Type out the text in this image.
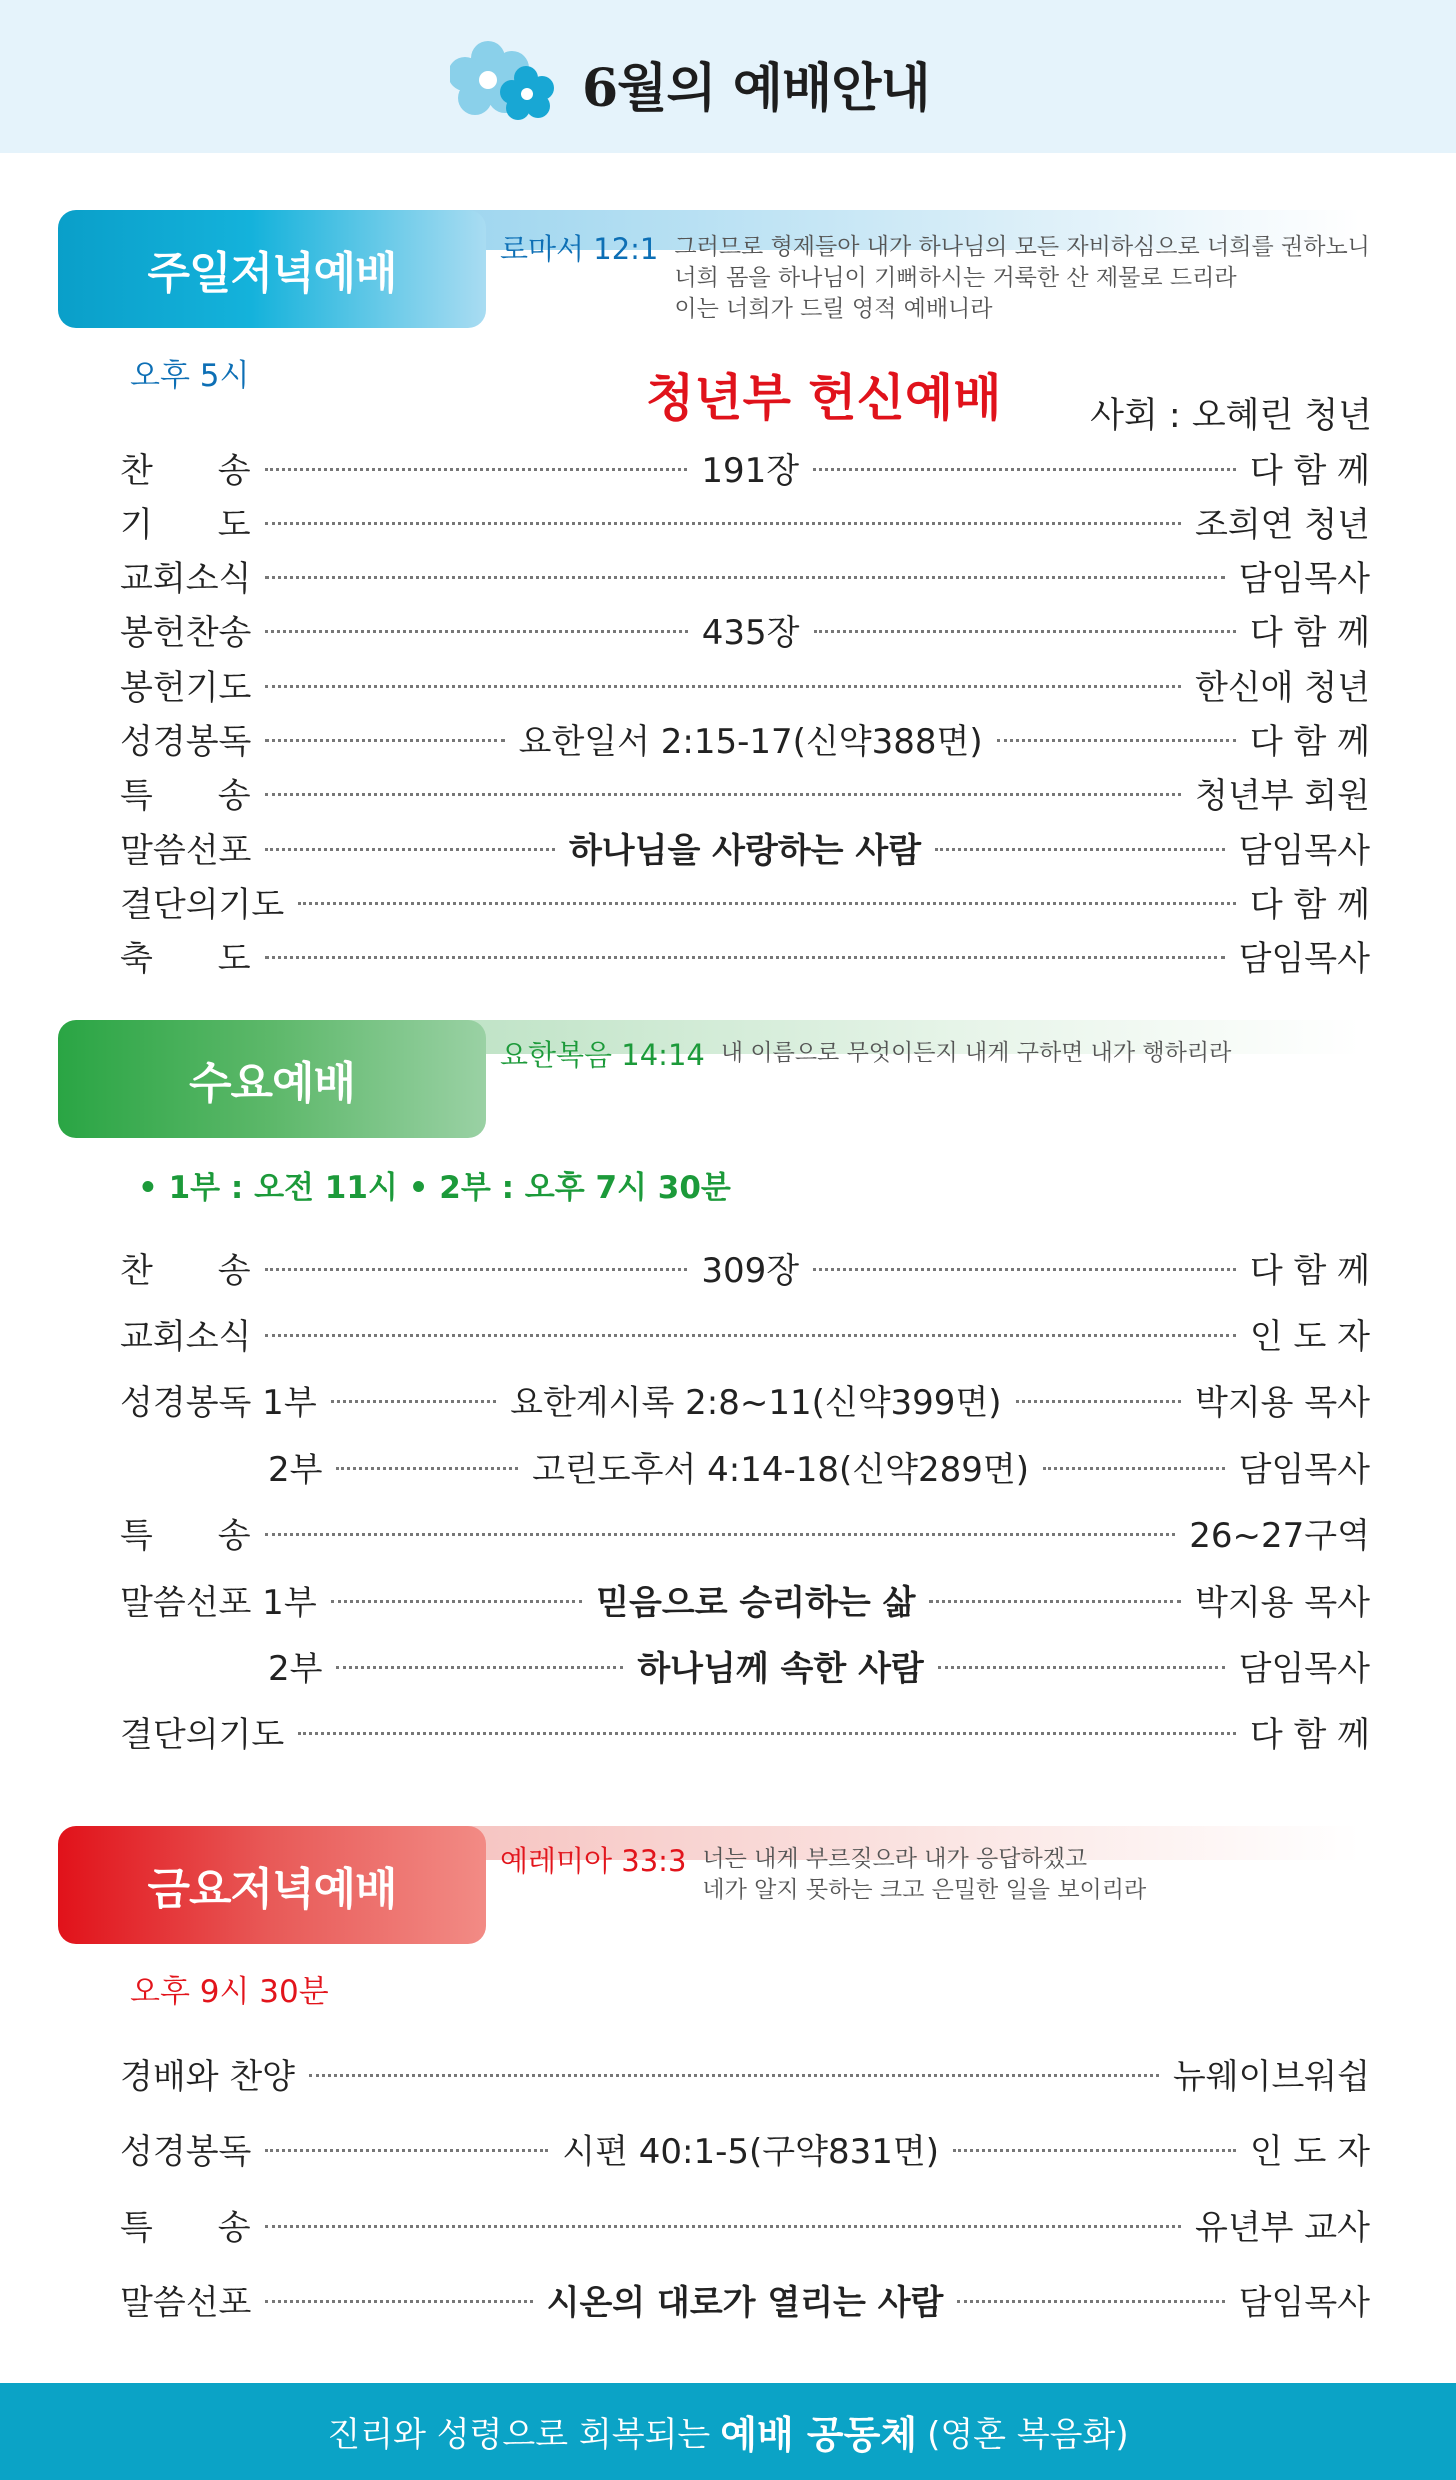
6월의 예배안내
주일저녁예배	로마서 12:1 그러므로 형제들아 내가 하나님의 모든 자비하심으로 너희를 권하노니
너희 몸을 하나님이 기뻐하시는 거룩한 산 제물로 드리라
이는 너희가 드릴 영적 예배니라
오후 5시	청년부 헌신예배	사회 : 오혜린 청년
찬      송	191장	다 함 께
기      도	조희연 청년
교회소식	담임목사
봉헌찬송	435장	다 함 께
봉헌기도	한신애 청년
성경봉독	요한일서 2:15-17(신약388면)	다 함 께
특      송	청년부 회원
말씀선포	하나님을 사랑하는 사람	담임목사
결단의기도	다 함 께
축      도	담임목사
수요예배
요한복음 14:14 내 이름으로 무엇이든지 내게 구하면 내가 행하리라
• 1부 : 오전 11시 • 2부 : 오후 7시 30분
찬      송	309장	다 함 께
교회소식	인 도 자
성경봉독 1부	요한계시록 2:8~11(신약399면)	박지용 목사
2부	고린도후서 4:14-18(신약289면)	담임목사
특      송	26~27구역
말씀선포 1부	믿음으로 승리하는 삶	박지용 목사
2부	하나님께 속한 사람	담임목사
결단의기도	다 함 께
금요저녁예배
예레미아 33:3 너는 내게 부르짖으라 내가 응답하겠고
네가 알지 못하는 크고 은밀한 일을 보이리라
오후 9시 30분
경배와 찬양	뉴웨이브워쉽
성경봉독	시편 40:1-5(구약831면)	인 도 자
특      송	유년부 교사
말씀선포	시온의 대로가 열리는 사람	담임목사
진리와 성령으로 회복되는 예배 공동체 (영혼 복음화)
